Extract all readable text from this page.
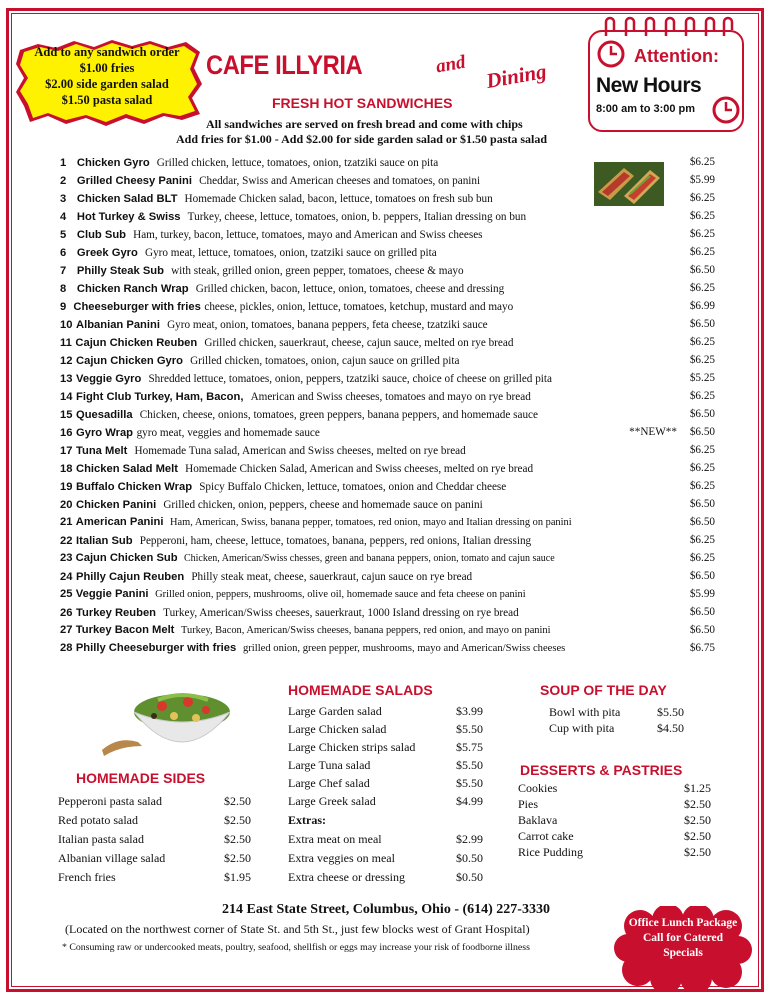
Add to any sandwich order
$1.00 fries
$2.00 side garden salad
$1.50 pasta salad
CAFE ILLYRIA	and Dining
Attention:
New Hours
8:00 am to 3:00 pm
FRESH HOT SANDWICHES
All sandwiches are served on fresh bread and come with chips
Add fries for $1.00 - Add $2.00 for side garden salad or $1.50 pasta salad
1 Chicken Gyro Grilled chicken, lettuce, tomatoes, onion, tzatziki sauce on pita	$6.25
2 Grilled Cheesy Panini Cheddar, Swiss and American cheeses and tomatoes, on panini	$5.99
3 Chicken Salad BLT Homemade Chicken salad, bacon, lettuce, tomatoes on fresh sub bun	$6.25
4 Hot Turkey & Swiss Turkey, cheese, lettuce, tomatoes, onion, b. peppers, Italian dressing on bun	$6.25
5 Club Sub Ham, turkey, bacon, lettuce, tomatoes, mayo and American and Swiss cheeses	$6.25
6 Greek Gyro Gyro meat, lettuce, tomatoes, onion, tzatziki sauce on grilled pita	$6.25
7 Philly Steak Sub with steak, grilled onion, green pepper, tomatoes, cheese & mayo	$6.50
8 Chicken Ranch Wrap Grilled chicken, bacon, lettuce, onion, tomatoes, cheese and dressing	$6.25
9 Cheeseburger with fries cheese, pickles, onion, lettuce, tomatoes, ketchup, mustard and mayo	$6.99
10 Albanian Panini Gyro meat, onion, tomatoes, banana peppers, feta cheese, tzatziki sauce	$6.50
11 Cajun Chicken Reuben Grilled chicken, sauerkraut, cheese, cajun sauce, melted on rye bread	$6.25
12 Cajun Chicken Gyro Grilled chicken, tomatoes, onion, cajun sauce on grilled pita	$6.25
13 Veggie Gyro Shredded lettuce, tomatoes, onion, peppers, tzatziki sauce, choice of cheese on grilled pita	$5.25
14 Fight Club Turkey, Ham, Bacon, American and Swiss cheeses, tomatoes and mayo on rye bread	$6.25
15 Quesadilla Chicken, cheese, onions, tomatoes, green peppers, banana peppers, and homemade sauce	$6.50
16 Gyro Wrap gyro meat, veggies and homemade sauce	**NEW** $6.50
17 Tuna Melt Homemade Tuna salad, American and Swiss cheeses, melted on rye bread	$6.25
18 Chicken Salad Melt Homemade Chicken Salad, American and Swiss cheeses, melted on rye bread	$6.25
19 Buffalo Chicken Wrap Spicy Buffalo Chicken, lettuce, tomatoes, onion and Cheddar cheese	$6.25
20 Chicken Panini Grilled chicken, onion, peppers, cheese and homemade sauce on panini	$6.50
21 American Panini Ham, American, Swiss, banana pepper, tomatoes, red onion, mayo and Italian dressing on panini	$6.50
22 Italian Sub Pepperoni, ham, cheese, lettuce, tomatoes, banana, peppers, red onions, Italian dressing	$6.25
23 Cajun Chicken Sub Chicken, American/Swiss chesses, green and banana peppers, onion, tomato and cajun sauce	$6.25
24 Philly Cajun Reuben Philly steak meat, cheese, sauerkraut, cajun sauce on rye bread	$6.50
25 Veggie Panini Grilled onion, peppers, mushrooms, olive oil, homemade sauce and feta cheese on panini	$5.99
26 Turkey Reuben Turkey, American/Swiss cheeses, sauerkraut, 1000 Island dressing on rye bread	$6.50
27 Turkey Bacon Melt Turkey, Bacon, American/Swiss cheeses, banana peppers, red onion, and mayo on panini	$6.50
28 Philly Cheeseburger with fries grilled onion, green pepper, mushrooms, mayo and American/Swiss cheeses	$6.75
HOMEMADE SALADS
Large Garden salad	$3.99
Large Chicken salad	$5.50
Large Chicken strips salad	$5.75
Large Tuna salad	$5.50
Large Chef salad	$5.50
Large Greek salad	$4.99
Extras:
Extra meat on meal	$2.99
Extra veggies on meal	$0.50
Extra cheese or dressing	$0.50
SOUP OF THE DAY
Bowl with pita	$5.50
Cup with pita	$4.50
HOMEMADE SIDES
Pepperoni pasta salad	$2.50
Red potato salad	$2.50
Italian pasta salad	$2.50
Albanian village salad	$2.50
French fries	$1.95
DESSERTS & PASTRIES
Cookies	$1.25
Pies	$2.50
Baklava	$2.50
Carrot cake	$2.50
Rice Pudding	$2.50
214 East State Street, Columbus, Ohio - (614) 227-3330
(Located on the northwest corner of State St. and 5th St., just few blocks west of Grant Hospital)
* Consuming raw or undercooked meats, poultry, seafood, shellfish or eggs may increase your risk of foodborne illness
Office Lunch Package
Call for Catered
Specials
